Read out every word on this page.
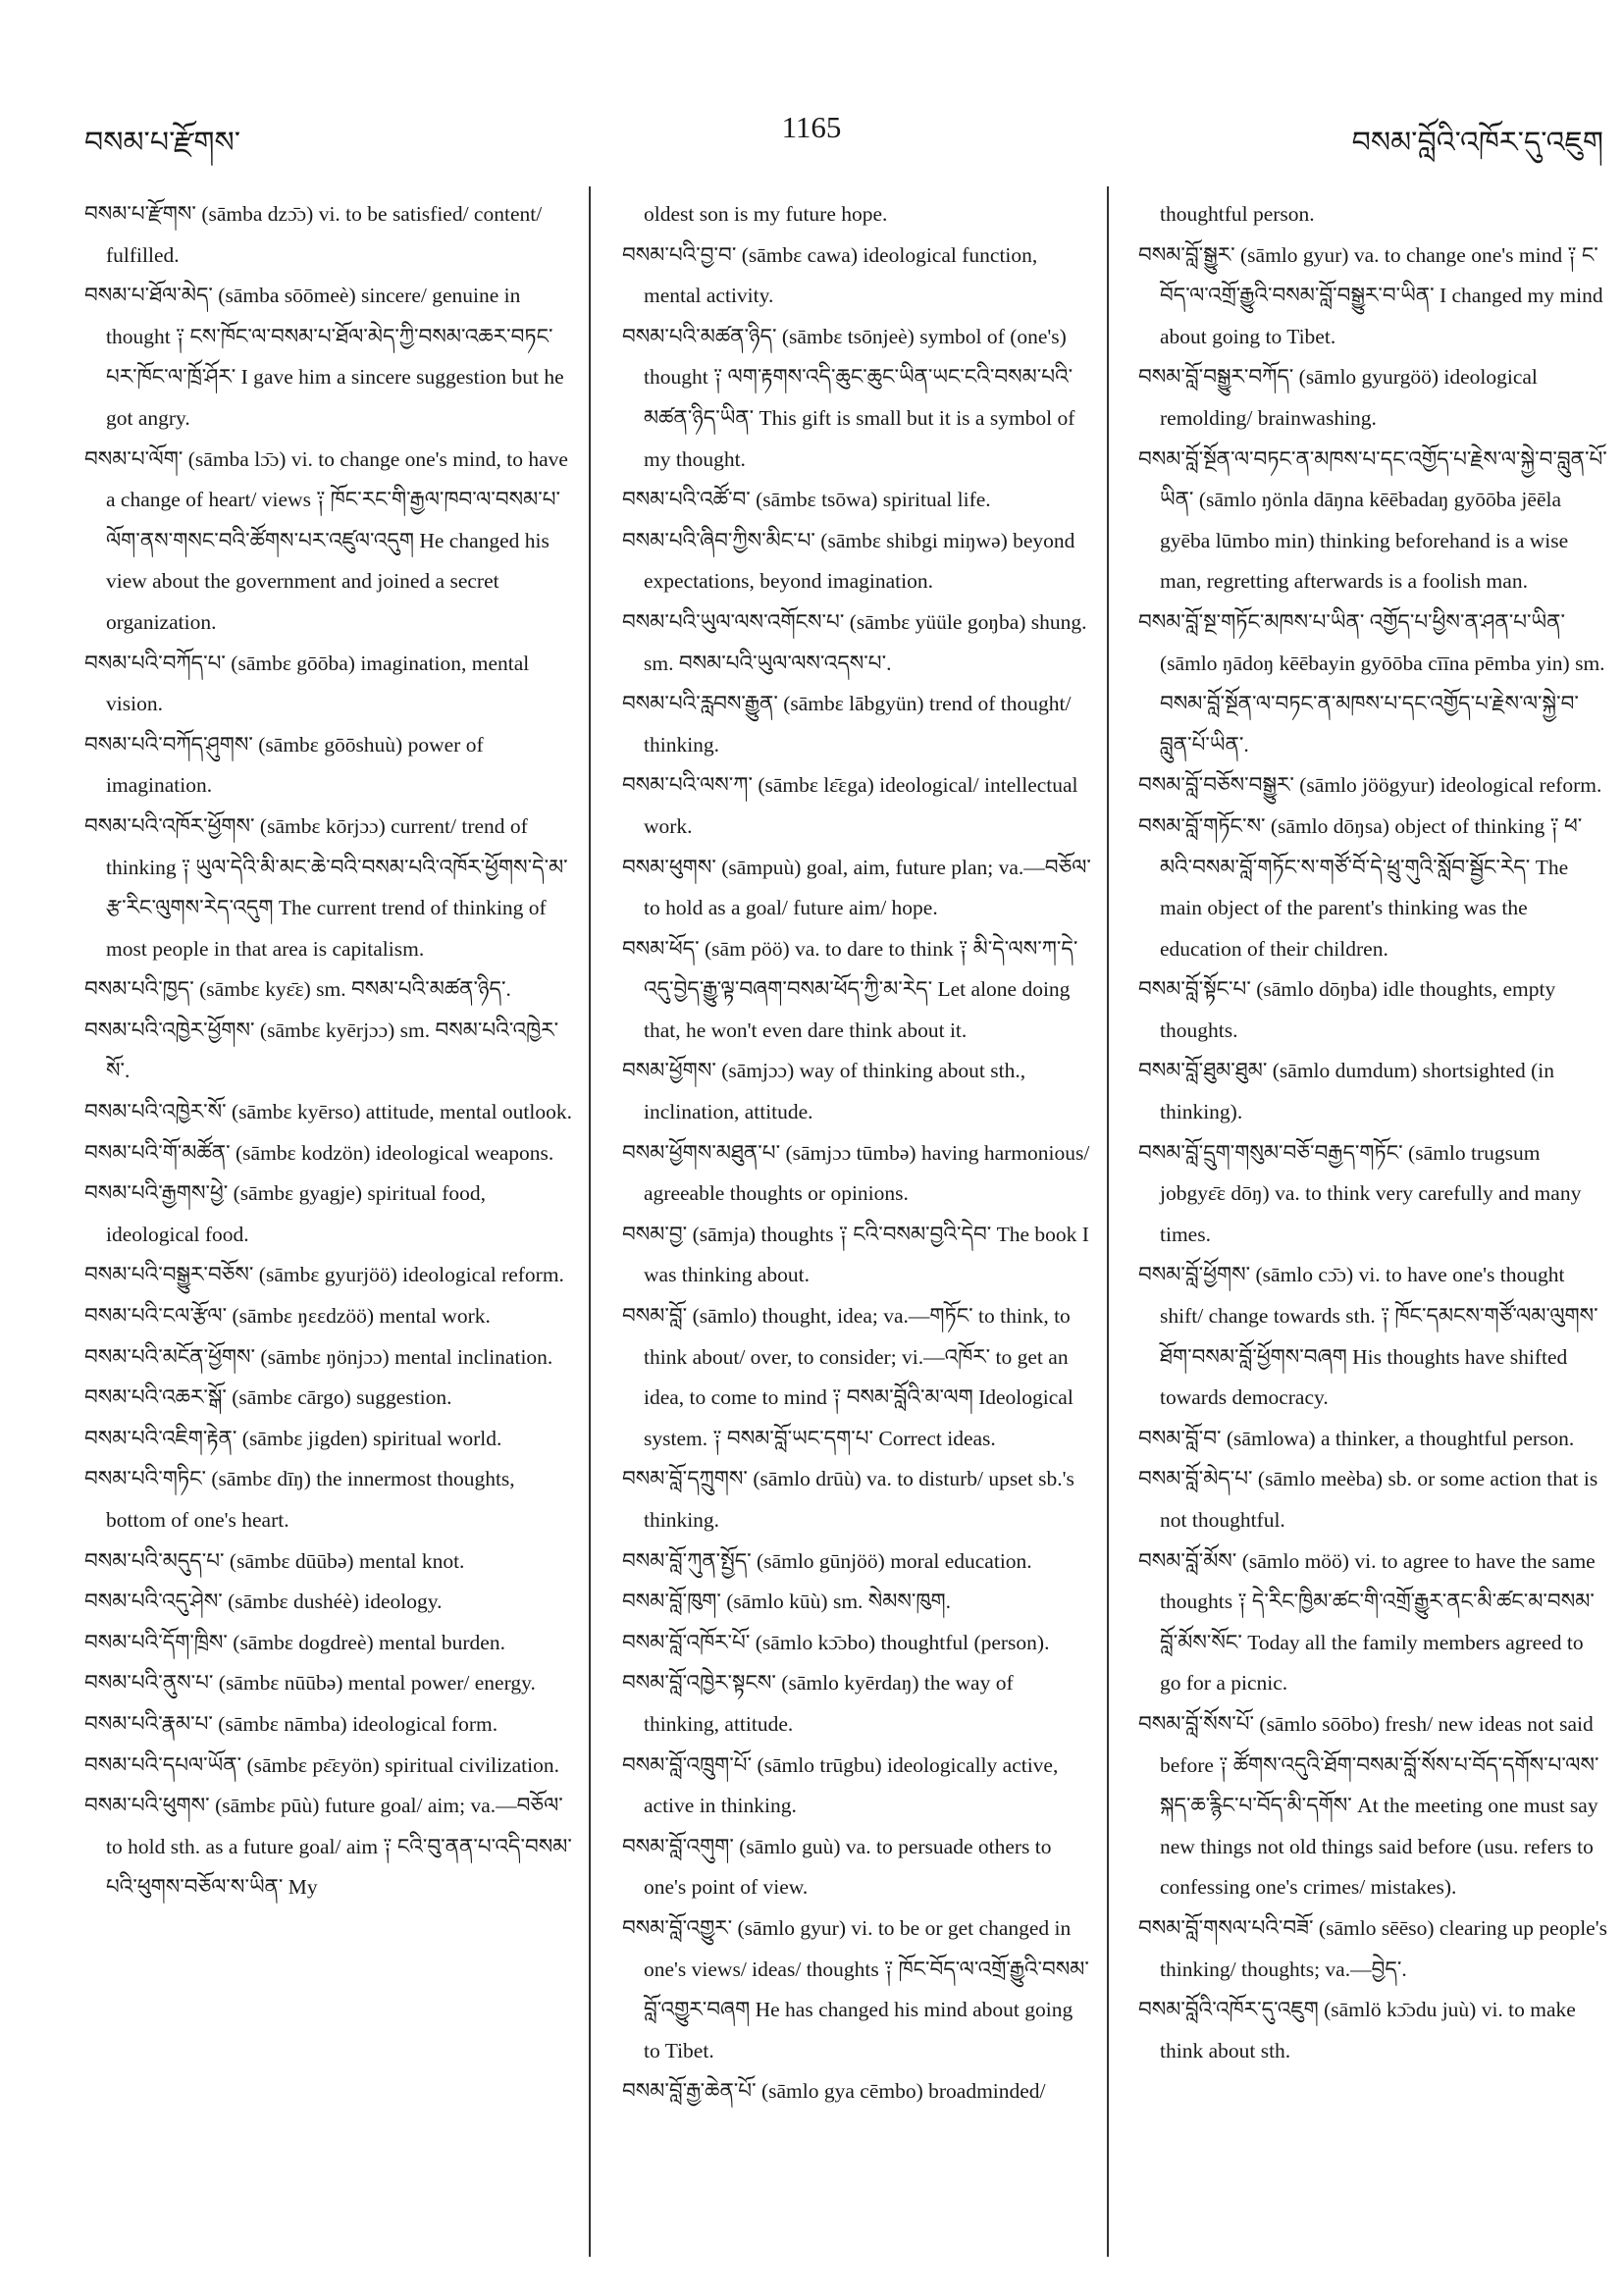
བསམ་པ་རྫོགས་	1165	བསམ་བློའི་འཁོར་དུ་འཇུག
བསམ་པ་རྫོགས་ (sāmba dzɔ̄ɔ) vi. to be satisfied/ content/ fulfilled.
བསམ་པ་ཐོལ་མེད་ (sāmba sōōmeè) sincere/ genuine in thought ༑ ངས་ཁོང་ལ་བསམ་པ་ཐོལ་མེད་ཀྱི་བསམ་འཆར་བཏང་པར་ཁོང་ལ་ཁྲོ་ཤོར་ I gave him a sincere suggestion but he got angry.
བསམ་པ་ལོག་ (sāmba lɔ̄ɔ) vi. to change one's mind, to have a change of heart/ views ༑ ཁོང་རང་གི་རྒྱལ་ཁབ་ལ་བསམ་པ་ལོག་ནས་གསང་བའི་ཚོགས་པར་འཛུལ་འདུག He changed his view about the government and joined a secret organization.
བསམ་པའི་བཀོད་པ་ (sāmbɛ gōōba) imagination, mental vision.
བསམ་པའི་བཀོད་ཤུགས་ (sāmbɛ gōōshuù) power of imagination.
བསམ་པའི་འཁོར་ཕྱོགས་ (sāmbɛ kōrjɔɔ) current/ trend of thinking ༑ ཡུལ་དེའི་མི་མང་ཆེ་བའི་བསམ་པའི་འཁོར་ཕྱོགས་དེ་མ་རྩ་རིང་ལུགས་རེད་འདུག The current trend of thinking of most people in that area is capitalism.
བསམ་པའི་ཁྱད་ (sāmbɛ kyɛ̄ɛ) sm. བསམ་པའི་མཚན་ཉིད་.
བསམ་པའི་འཁྱེར་ཕྱོགས་ (sāmbɛ kyērjɔɔ) sm. བསམ་པའི་འཁྱེར་སོ་.
བསམ་པའི་འཁྱེར་སོ་ (sāmbɛ kyērso) attitude, mental outlook.
བསམ་པའི་གོ་མཚོན་ (sāmbɛ kodzön) ideological weapons.
བསམ་པའི་རྒྱགས་ཕྱེ་ (sāmbɛ gyagje) spiritual food, ideological food.
བསམ་པའི་བསྒྱུར་བཅོས་ (sāmbɛ gyurjöö) ideological reform.
བསམ་པའི་ངལ་རྩོལ་ (sāmbɛ ŋɛɛdzöö) mental work.
བསམ་པའི་མངོན་ཕྱོགས་ (sāmbɛ ŋönjɔɔ) mental inclination.
བསམ་པའི་འཆར་སྒོ་ (sāmbɛ cārgo) suggestion.
བསམ་པའི་འཇིག་རྟེན་ (sāmbɛ jigden) spiritual world.
བསམ་པའི་གཏིང་ (sāmbɛ dīŋ) the innermost thoughts, bottom of one's heart.
བསམ་པའི་མདུད་པ་ (sāmbɛ dūūbə) mental knot.
བསམ་པའི་འདུ་ཤེས་ (sāmbɛ dushéè) ideology.
བསམ་པའི་དོག་ཁྲིས་ (sāmbɛ dogdreè) mental burden.
བསམ་པའི་ནུས་པ་ (sāmbɛ nūūbə) mental power/ energy.
བསམ་པའི་རྣམ་པ་ (sāmbɛ nāmba) ideological form.
བསམ་པའི་དཔལ་ཡོན་ (sāmbɛ pɛ̄ɛyön) spiritual civilization.
བསམ་པའི་ཕུགས་ (sāmbɛ pūù) future goal/ aim; va.—བཅོལ་ to hold sth. as a future goal/ aim ༑ ངའི་བུ་ནན་པ་འདི་བསམ་པའི་ཕུགས་བཅོལ་ས་ཡིན་ My
oldest son is my future hope.
བསམ་པའི་བྱ་བ་ (sāmbɛ cawa) ideological function, mental activity.
བསམ་པའི་མཚན་ཉིད་ (sāmbɛ tsōnjeè) symbol of (one's) thought ༑ ལག་རྟགས་འདི་ཆུང་ཆུང་ཡིན་ཡང་ངའི་བསམ་པའི་མཚན་ཉིད་ཡིན་ This gift is small but it is a symbol of my thought.
བསམ་པའི་འཚོ་བ་ (sāmbɛ tsōwa) spiritual life.
བསམ་པའི་ཞིབ་ཀྱིས་མིང་པ་ (sāmbɛ shibgi miŋwə) beyond expectations, beyond imagination.
བསམ་པའི་ཡུལ་ལས་འགོངས་པ་ (sāmbɛ yüüle goŋba) shung. sm. བསམ་པའི་ཡུལ་ལས་འདས་པ་.
བསམ་པའི་རླབས་རྒྱུན་ (sāmbɛ lābgyün) trend of thought/ thinking.
བསམ་པའི་ལས་ཀ་ (sāmbɛ lɛ̄ɛga) ideological/ intellectual work.
བསམ་ཕུགས་ (sāmpuù) goal, aim, future plan; va.—བཅོལ་ to hold as a goal/ future aim/ hope.
བསམ་ཕོད་ (sām pöö) va. to dare to think ༑ མི་དེ་ལས་ཀ་དེ་འདུ་བྱེད་རྒྱུ་ལྟ་བཞག་བསམ་ཕོད་ཀྱི་མ་རེད་ Let alone doing that, he won't even dare think about it.
བསམ་ཕྱོགས་ (sāmjɔɔ) way of thinking about sth., inclination, attitude.
བསམ་ཕྱོགས་མཐུན་པ་ (sāmjɔɔ tūmbə) having harmonious/ agreeable thoughts or opinions.
བསམ་བྱ་ (sāmja) thoughts ༑ ངའི་བསམ་བྱའི་དེབ་ The book I was thinking about.
བསམ་བློ་ (sāmlo) thought, idea; va.—གཏོང་ to think, to think about/ over, to consider; vi.—འཁོར་ to get an idea, to come to mind ༑ བསམ་བློའི་མ་ལག Ideological system. ༑ བསམ་བློ་ཡང་དག་པ་ Correct ideas.
བསམ་བློ་དཀྲུགས་ (sāmlo drūù) va. to disturb/ upset sb.'s thinking.
བསམ་བློ་ཀུན་སྤྱོད་ (sāmlo gūnjöö) moral education.
བསམ་བློ་ཁུག་ (sāmlo kūù) sm. སེམས་ཁུག.
བསམ་བློ་འཁོར་པོ་ (sāmlo kɔ̄ɔbo) thoughtful (person).
བསམ་བློ་འཁྱེར་སྟངས་ (sāmlo kyērdaŋ) the way of thinking, attitude.
བསམ་བློ་འཁྲུག་པོ་ (sāmlo trūgbu) ideologically active, active in thinking.
བསམ་བློ་འགུག་ (sāmlo guù) va. to persuade others to one's point of view.
བསམ་བློ་འགྱུར་ (sāmlo gyur) vi. to be or get changed in one's views/ ideas/ thoughts ༑ ཁོང་བོད་ལ་འགྲོ་རྒྱུའི་བསམ་བློ་འགྱུར་བཞག He has changed his mind about going to Tibet.
བསམ་བློ་རྒྱ་ཆེན་པོ་ (sāmlo gya cēmbo) broadminded/
thoughtful person.
བསམ་བློ་སྒྱུར་ (sāmlo gyur) va. to change one's mind ༑ ང་བོད་ལ་འགྲོ་རྒྱུའི་བསམ་བློ་བསྒྱུར་བ་ཡིན་ I changed my mind about going to Tibet.
བསམ་བློ་བསྒྱུར་བཀོད་ (sāmlo gyurgöö) ideological remolding/ brainwashing.
བསམ་བློ་སྔོན་ལ་བཏང་ན་མཁས་པ་དང་འགྱོད་པ་རྗེས་ལ་སྐྱེ་བ་བླུན་པོ་ཡིན་ (sāmlo ŋönla dāŋna kēēbadaŋ gyōōba jēēla gyēba lūmbo min) thinking beforehand is a wise man, regretting afterwards is a foolish man.
བསམ་བློ་སྔ་གཏོང་མཁས་པ་ཡིན་ འགྱོད་པ་ཕྱིས་ན་ཤན་པ་ཡིན་ (sāmlo ŋādoŋ kēēbayin gyōōba cīīna pēmba yin) sm. བསམ་བློ་སྔོན་ལ་བཏང་ན་མཁས་པ་དང་འགྱོད་པ་རྗེས་ལ་སྐྱེ་བ་བླུན་པོ་ཡིན་.
བསམ་བློ་བཅོས་བསྒྱུར་ (sāmlo jöögyur) ideological reform.
བསམ་བློ་གཏོང་ས་ (sāmlo dōŋsa) object of thinking ༑ ཕ་མའི་བསམ་བློ་གཏོང་ས་གཙོ་བོ་དེ་ཕྲུ་གུའི་སློབ་སྦྱོང་རེད་ The main object of the parent's thinking was the education of their children.
བསམ་བློ་སྟོང་པ་ (sāmlo dōŋba) idle thoughts, empty thoughts.
བསམ་བློ་ཐུམ་ཐུམ་ (sāmlo dumdum) shortsighted (in thinking).
བསམ་བློ་དྲུག་གསུམ་བཅོ་བརྒྱད་གཏོང་ (sāmlo trugsum jobgyɛ̄ɛ dōŋ) va. to think very carefully and many times.
བསམ་བློ་ཕྱོགས་ (sāmlo cɔ̄ɔ) vi. to have one's thought shift/ change towards sth. ༑ ཁོང་དམངས་གཙོ་ལམ་ལུགས་ཐོག་བསམ་བློ་ཕྱོགས་བཞག His thoughts have shifted towards democracy.
བསམ་བློ་བ་ (sāmlowa) a thinker, a thoughtful person.
བསམ་བློ་མེད་པ་ (sāmlo meèba) sb. or some action that is not thoughtful.
བསམ་བློ་མོས་ (sāmlo möö) vi. to agree to have the same thoughts ༑ དེ་རིང་ཁྱིམ་ཚང་གི་འགྲོ་རྒྱུར་ནང་མི་ཚང་མ་བསམ་བློ་མོས་སོང་ Today all the family members agreed to go for a picnic.
བསམ་བློ་སོས་པོ་ (sāmlo sōōbo) fresh/ new ideas not said before ༑ ཚོགས་འདུའི་ཐོག་བསམ་བློ་སོས་པ་བོད་དགོས་པ་ལས་སྐད་ཆ་རྙིང་པ་བོད་མི་དགོས་ At the meeting one must say new things not old things said before (usu. refers to confessing one's crimes/ mistakes).
བསམ་བློ་གསལ་པའི་བཟོ་ (sāmlo sēēso) clearing up people's thinking/ thoughts; va.—བྱེད་.
བསམ་བློའི་འཁོར་དུ་འཇུག (sāmlö kɔ̄ɔdu juù) vi. to make think about sth.
